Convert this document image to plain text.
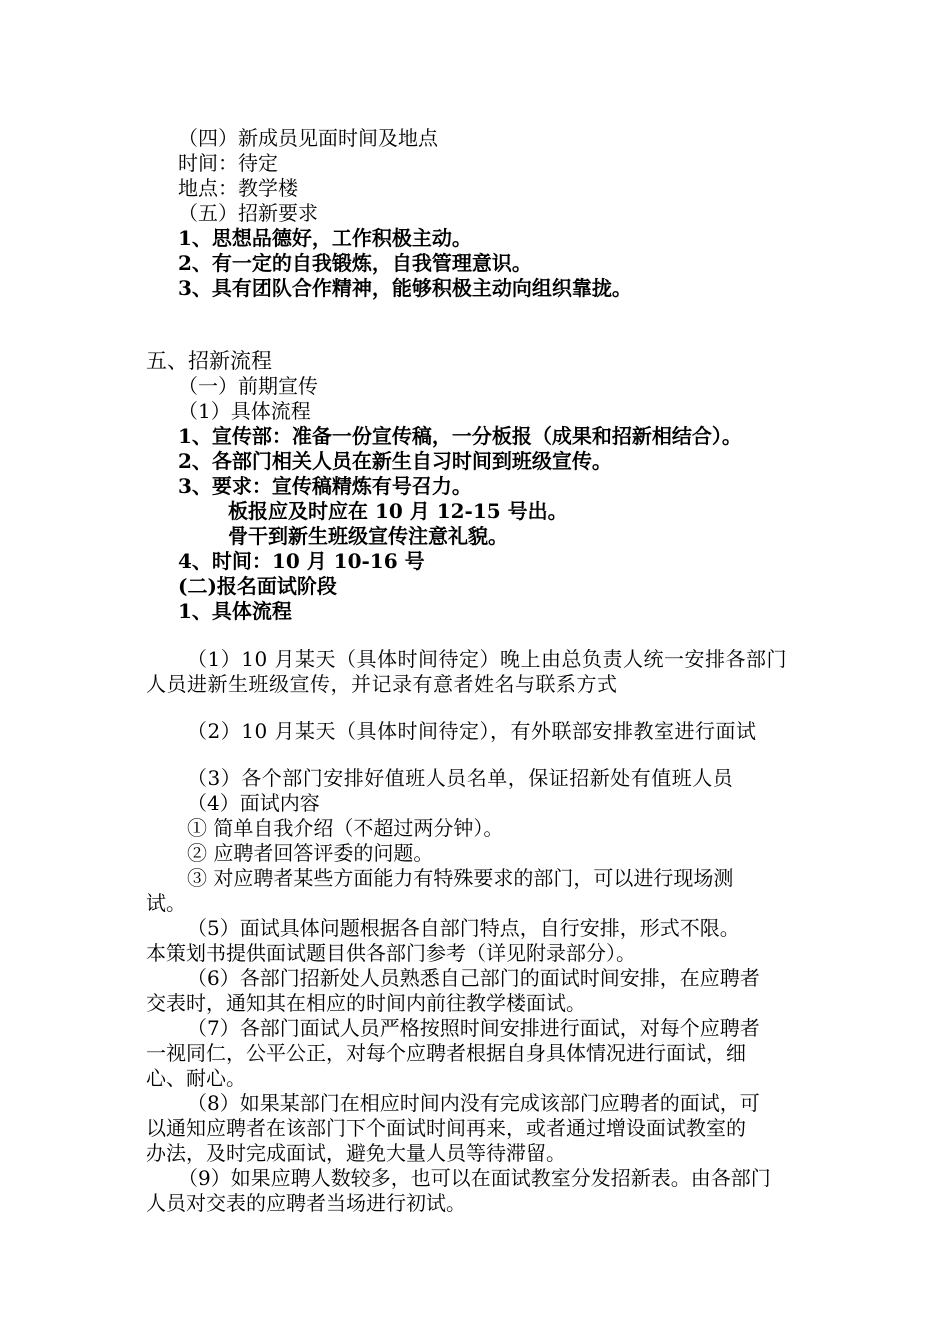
（四）新成员见面时间及地点
时间：待定
地点：教学楼
（五）招新要求
1、思想品德好，工作积极主动。
2、有一定的自我锻炼，自我管理意识。
3、具有团队合作精神，能够积极主动向组织靠拢。
五、招新流程
（一）前期宣传
（1）具体流程
1、宣传部：准备一份宣传稿，一分板报（成果和招新相结合）。
2、各部门相关人员在新生自习时间到班级宣传。
3、要求：宣传稿精炼有号召力。
板报应及时应在 10 月 12-15 号出。
骨干到新生班级宣传注意礼貌。
4、时间：10 月 10-16 号
(二)报名面试阶段
1、具体流程
（1）10 月某天（具体时间待定）晚上由总负责人统一安排各部门
人员进新生班级宣传，并记录有意者姓名与联系方式
（2）10 月某天（具体时间待定），有外联部安排教室进行面试
（3）各个部门安排好值班人员名单，保证招新处有值班人员
（4）面试内容
① 简单自我介绍（不超过两分钟）。
② 应聘者回答评委的问题。
③ 对应聘者某些方面能力有特殊要求的部门，可以进行现场测
试。
（5）面试具体问题根据各自部门特点，自行安排，形式不限。
本策划书提供面试题目供各部门参考（详见附录部分）。
（6）各部门招新处人员熟悉自己部门的面试时间安排，在应聘者
交表时，通知其在相应的时间内前往教学楼面试。
（7）各部门面试人员严格按照时间安排进行面试，对每个应聘者
一视同仁，公平公正，对每个应聘者根据自身具体情况进行面试，细
心、耐心。
（8）如果某部门在相应时间内没有完成该部门应聘者的面试，可
以通知应聘者在该部门下个面试时间再来，或者通过增设面试教室的
办法，及时完成面试，避免大量人员等待滞留。
（9）如果应聘人数较多，也可以在面试教室分发招新表。由各部门
人员对交表的应聘者当场进行初试。
